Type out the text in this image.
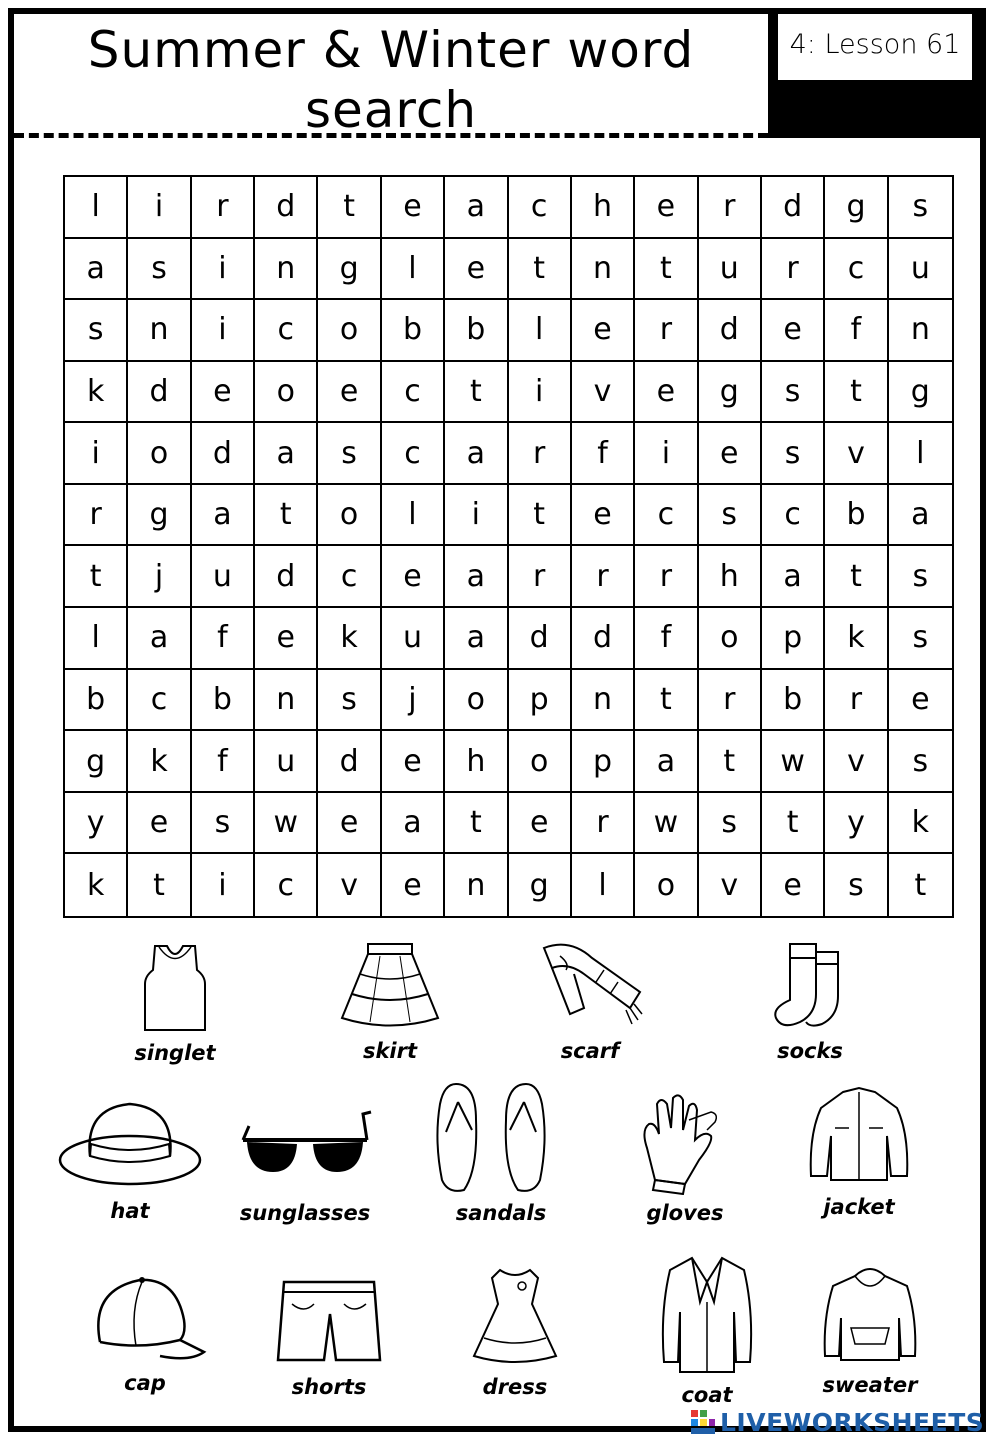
Summer & Winter word search
4: Lesson 61
l	i	r	d	t	e	a	c	h	e	r	d	g	s
a	s	i	n	g	l	e	t	n	t	u	r	c	u
s	n	i	c	o	b	b	l	e	r	d	e	f	n
k	d	e	o	e	c	t	i	v	e	g	s	t	g
i	o	d	a	s	c	a	r	f	i	e	s	v	l
r	g	a	t	o	l	i	t	e	c	s	c	b	a
t	j	u	d	c	e	a	r	r	r	h	a	t	s
l	a	f	e	k	u	a	d	d	f	o	p	k	s
b	c	b	n	s	j	o	p	n	t	r	b	r	e
g	k	f	u	d	e	h	o	p	a	t	w	v	s
y	e	s	w	e	a	t	e	r	w	s	t	y	k
k	t	i	c	v	e	n	g	l	o	v	e	s	t
singlet	skirt	scarf	socks
hat	sunglasses	sandals	gloves	jacket
cap	shorts	dress	coat	sweater
LIVEWORKSHEETS
